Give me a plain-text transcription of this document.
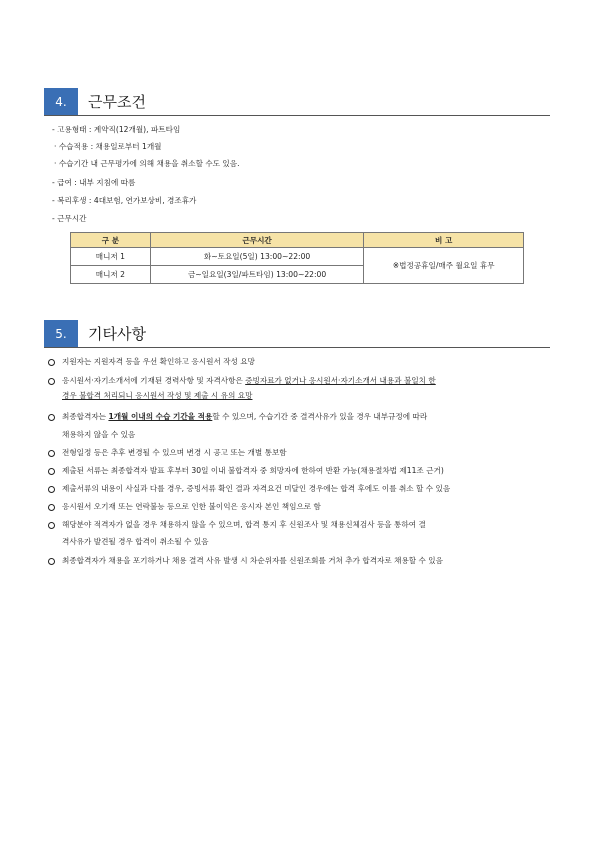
4.	근무조건
- 고용형태 : 계약직(12개월), 파트타임
· 수습적용 : 채용일로부터 1개월
· 수습기간 내 근무평가에 의해 채용을 취소할 수도 있음.
- 급여 : 내부 지침에 따름
- 복리후생 : 4대보험, 연가보상비, 경조휴가
- 근무시간
구 분	근무시간	비 고
매니저 1	화~토요일(5일) 13:00~22:00	※법정공휴일/매주 월요일 휴무
매니저 2	금~일요일(3일/파트타임) 13:00~22:00	
5.	기타사항
지원자는 지원자격 등을 우선 확인하고 응시원서 작성 요망
응시원서·자기소개서에 기재된 경력사항 및 자격사항은 증빙자료가 없거나 응시원서·자기소개서 내용과 불일치 한
경우 불합격 처리되니 응시원서 작성 및 제출 시 유의 요망
최종합격자는 1개월 이내의 수습 기간을 적용할 수 있으며, 수습기간 중 결격사유가 있을 경우 내부규정에 따라
채용하지 않을 수 있음
전형일정 등은 추후 변경될 수 있으며 변경 시 공고 또는 개별 통보함
제출된 서류는 최종합격자 발표 후부터 30일 이내 불합격자 중 희망자에 한하여 반환 가능(채용절차법 제11조 근거)
제출서류의 내용이 사실과 다를 경우, 증빙서류 확인 결과 자격요건 미달인 경우에는 합격 후에도 이를 취소 할 수 있음
응시원서 오기재 또는 연락불능 등으로 인한 불이익은 응시자 본인 책임으로 함
해당분야 적격자가 없을 경우 채용하지 않을 수 있으며, 합격 통지 후 신원조사 및 채용신체검사 등을 통하여 결
격사유가 발견될 경우 합격이 취소될 수 있음
최종합격자가 채용을 포기하거나 채용 결격 사유 발생 시 차순위자를 신원조회를 거쳐 추가 합격자로 채용할 수 있음
